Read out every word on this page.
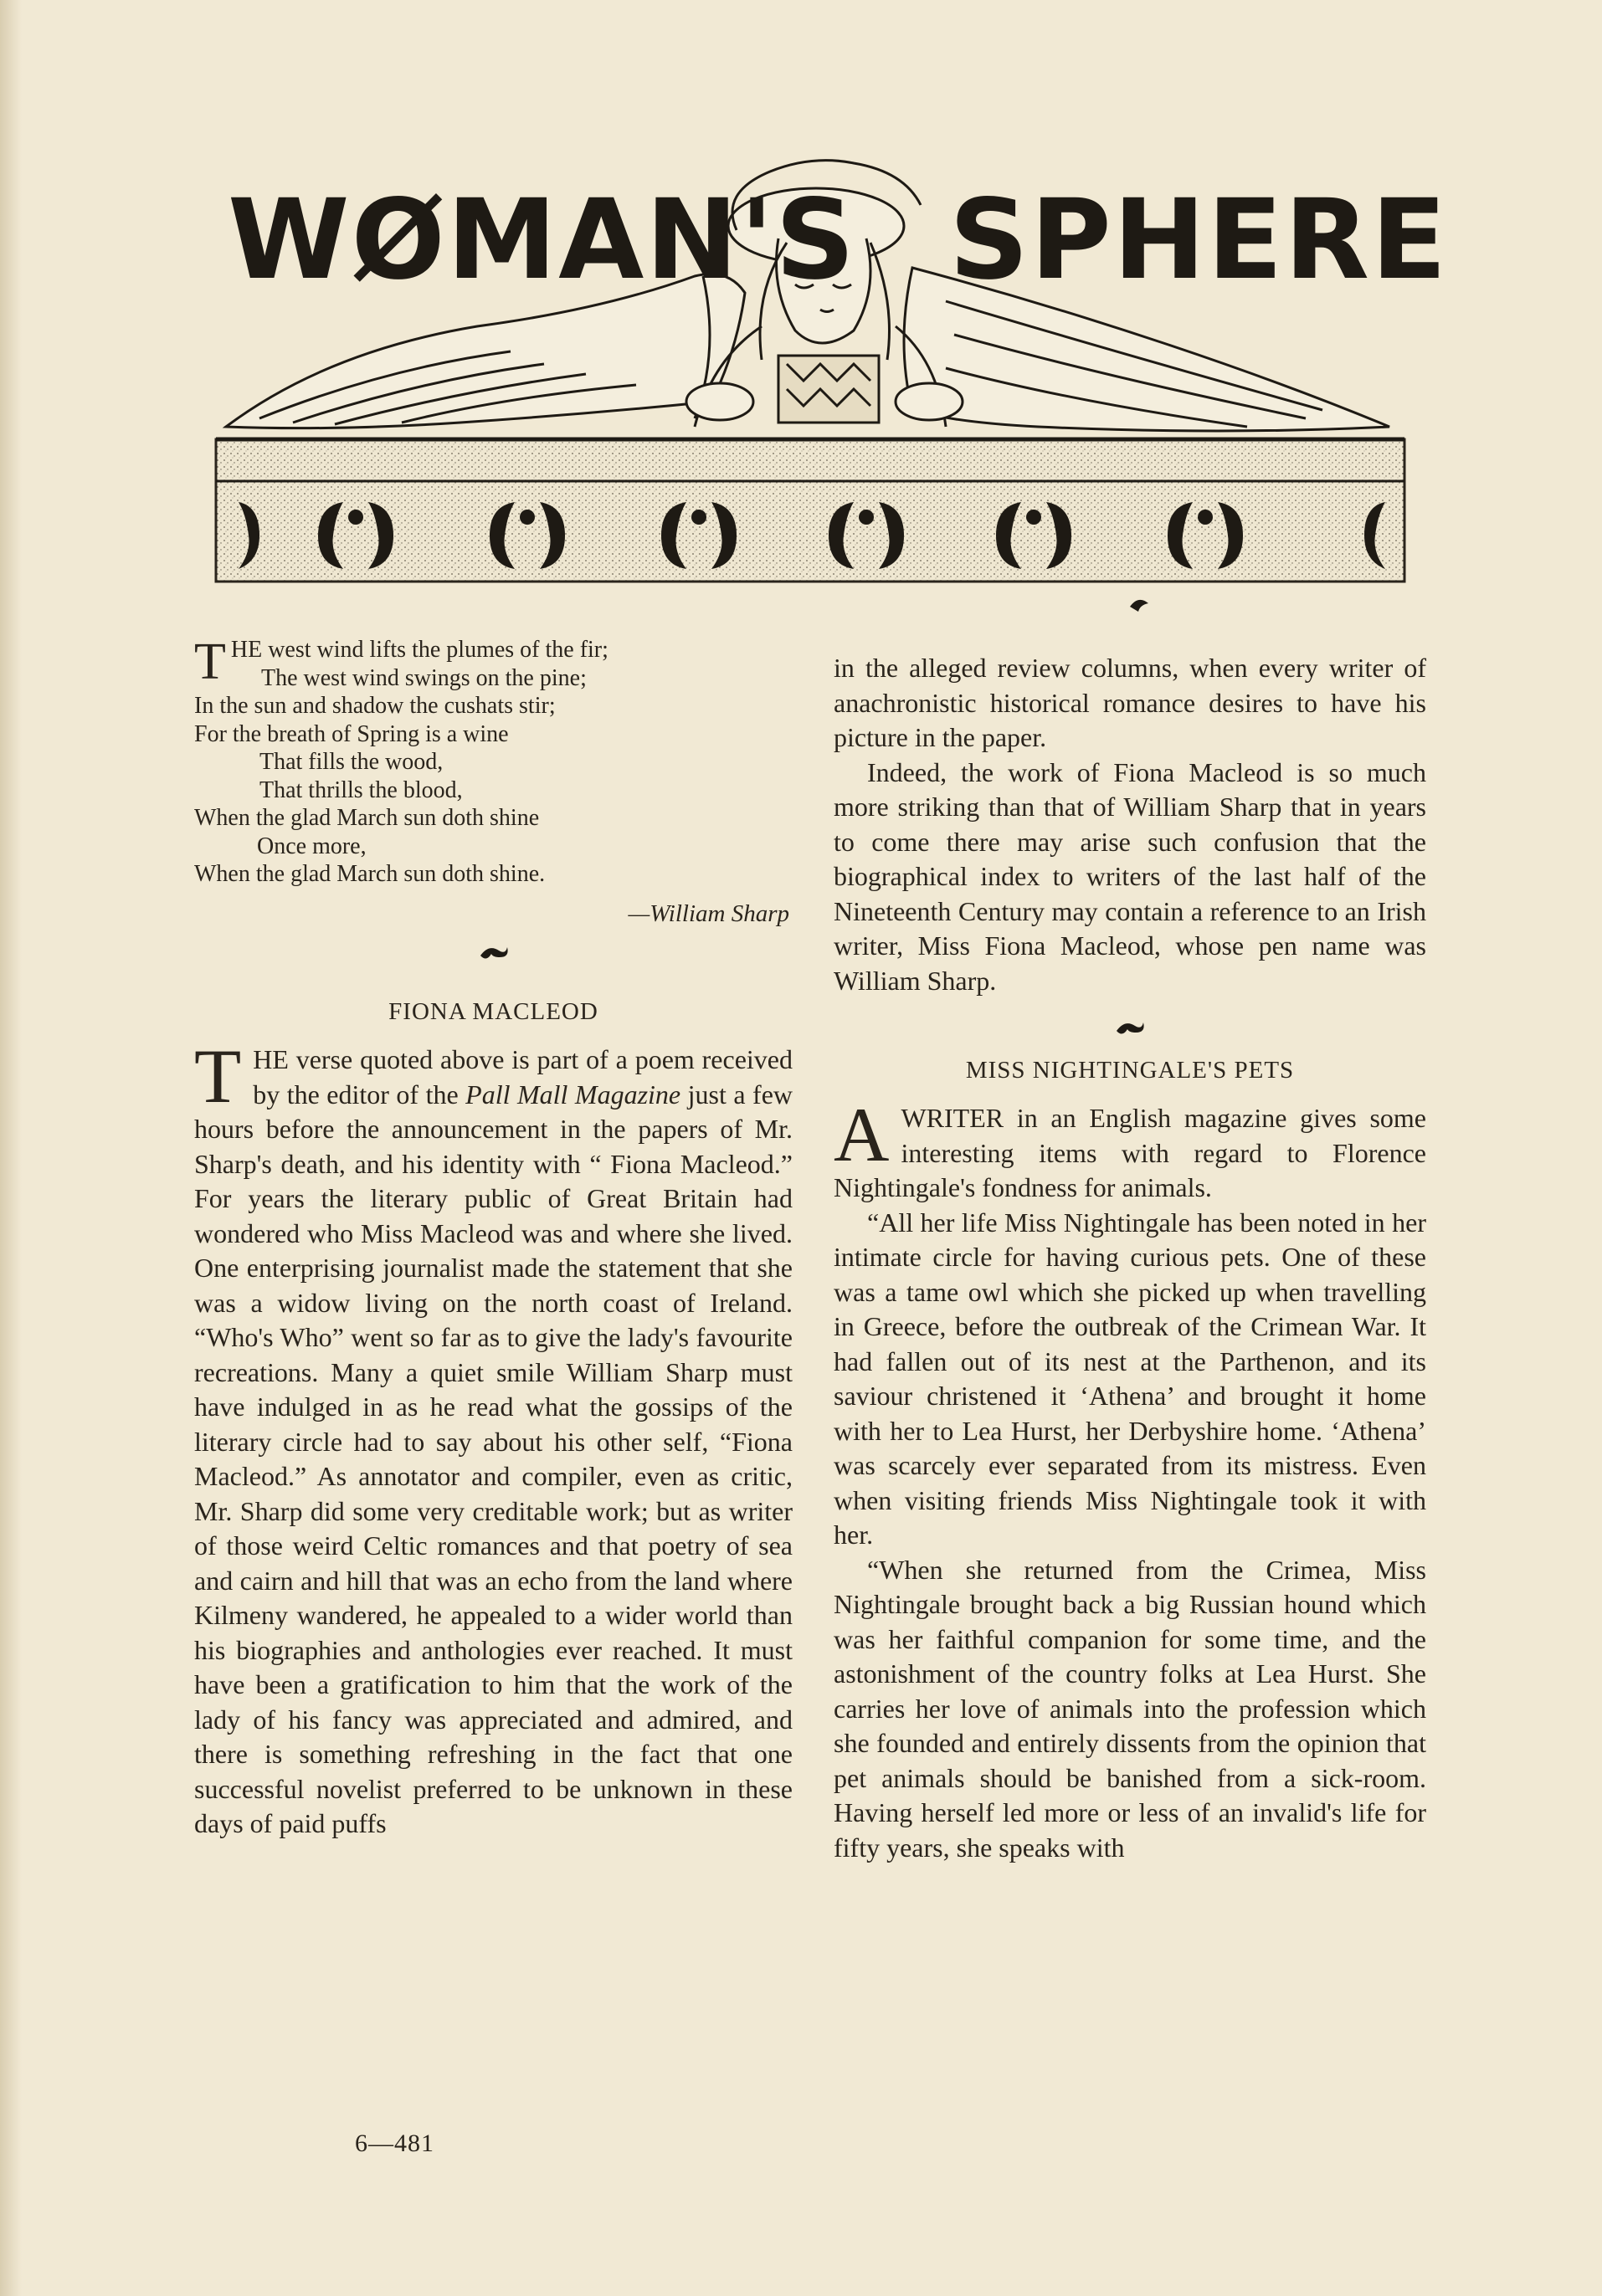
WØMAN'S SPHERE
THE west wind lifts the plumes of the fir;
The west wind swings on the pine;
In the sun and shadow the cushats stir;
For the breath of Spring is a wine
That fills the wood,
That thrills the blood,
When the glad March sun doth shine
Once more,
When the glad March sun doth shine.
—William Sharp
FIONA MACLEOD

THE verse quoted above is part of a poem received by the editor of the Pall Mall Magazine just a few hours before the announcement in the papers of Mr. Sharp's death, and his identity with “ Fiona Macleod.” For years the literary public of Great Britain had wondered who Miss Macleod was and where she lived. One enterprising journalist made the statement that she was a widow living on the north coast of Ireland. “Who's Who” went so far as to give the lady's favourite recreations. Many a quiet smile William Sharp must have indulged in as he read what the gossips of the literary circle had to say about his other self, “Fiona Macleod.” As annotator and compiler, even as critic, Mr. Sharp did some very creditable work; but as writer of those weird Celtic romances and that poetry of sea and cairn and hill that was an echo from the land where Kilmeny wandered, he appealed to a wider world than his biographies and anthologies ever reached. It must have been a gratification to him that the work of the lady of his fancy was appreciated and admired, and there is something refreshing in the fact that one successful novelist preferred to be unknown in these days of paid puffs

in the alleged review columns, when every writer of anachronistic historical romance desires to have his picture in the paper.

Indeed, the work of Fiona Macleod is so much more striking than that of William Sharp that in years to come there may arise such confusion that the biographical index to writers of the last half of the Nineteenth Century may contain a reference to an Irish writer, Miss Fiona Macleod, whose pen name was William Sharp.

MISS NIGHTINGALE'S PETS

AWRITER in an English magazine gives some interesting items with regard to Florence Nightingale's fondness for animals.

“All her life Miss Nightingale has been noted in her intimate circle for having curious pets. One of these was a tame owl which she picked up when travelling in Greece, before the outbreak of the Crimean War. It had fallen out of its nest at the Parthenon, and its saviour christened it ‘Athena’ and brought it home with her to Lea Hurst, her Derbyshire home. ‘Athena’ was scarcely ever separated from its mistress. Even when visiting friends Miss Nightingale took it with her.

“When she returned from the Crimea, Miss Nightingale brought back a big Russian hound which was her faithful companion for some time, and the astonishment of the country folks at Lea Hurst. She carries her love of animals into the profession which she founded and entirely dissents from the opinion that pet animals should be banished from a sick-room. Having herself led more or less of an invalid's life for fifty years, she speaks with

6—481
